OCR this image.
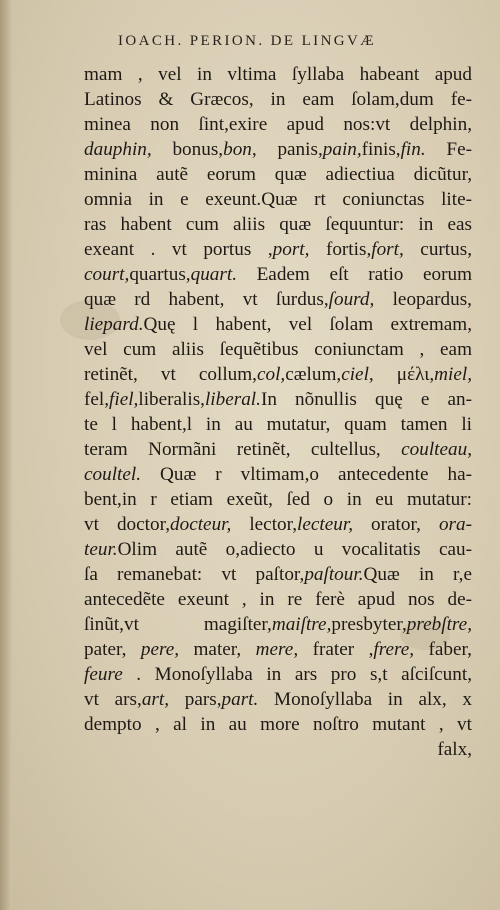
IOACH. PERION. DE LINGVÆ
mam , vel in vltima ſyllaba habeant apud
Latinos & Græcos, in eam ſolam,dum fe-
minea non ſint,exire apud nos:vt delphin,
dauphin, bonus,bon, panis,pain,finis,fin. Fe-
minina autẽ eorum quæ adiectiua dicũtur,
omnia in e exeunt.Quæ rt coniunctas lite-
ras habent cum aliis quæ ſequuntur: in eas
exeant . vt portus ,port, fortis,fort, curtus,
court,quartus,quart. Eadem eſt ratio eorum
quæ rd habent, vt ſurdus,ſourd, leopardus,
liepard.Quę l habent, vel ſolam extremam,
vel cum aliis ſequẽtibus coniunctam , eam
retinẽt, vt collum,col,cælum,ciel, μέλι,miel,
fel,fiel,liberalis,liberal.In nõnullis quę e an-
te l habent,l in au mutatur, quam tamen li
teram Normãni retinẽt, cultellus, coulteau,
coultel. Quæ r vltimam,o antecedente ha-
bent,in r etiam exeũt, ſed o in eu mutatur:
vt doctor,docteur, lector,lecteur, orator, ora-
teur.Olim autẽ o,adiecto u vocalitatis cau-
ſa remanebat: vt paſtor,paſtour.Quæ in r,e
antecedẽte exeunt , in re ferè apud nos de-
ſinũt,vt magiſter,maiſtre,presbyter,prebſtre,
pater, pere, mater, mere, frater ,frere, faber,
feure . Monoſyllaba in ars pro s,t aſciſcunt,
vt ars,art, pars,part. Monoſyllaba in alx, x
dempto , al in au more noſtro mutant , vt
falx,
